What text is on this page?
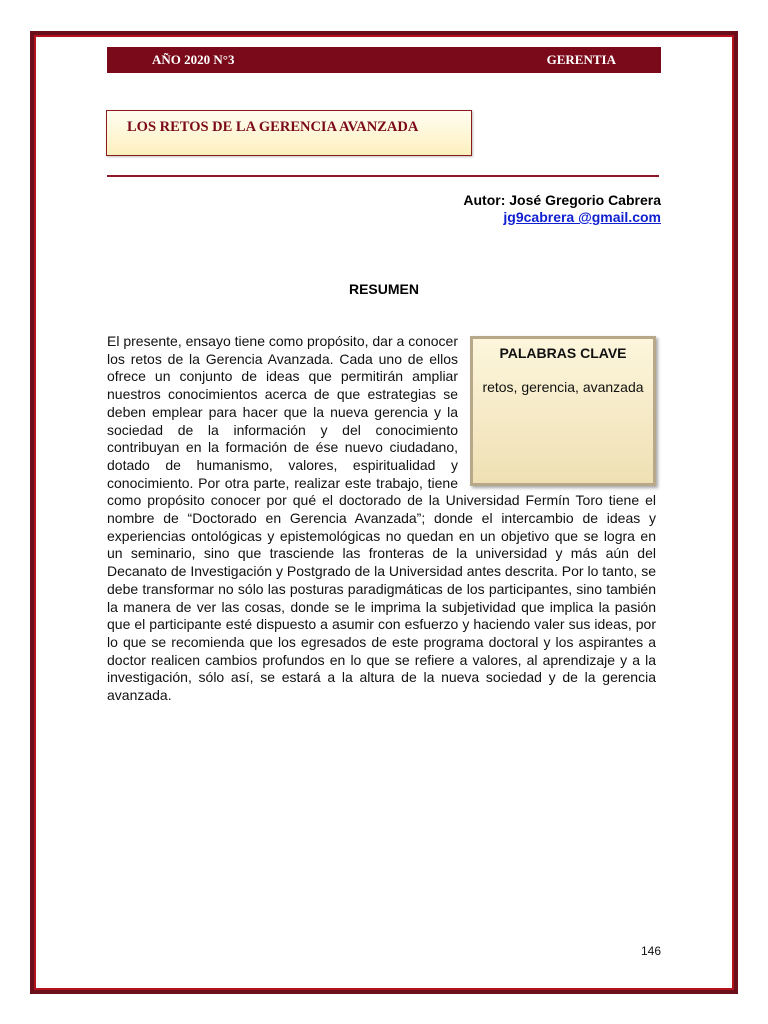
AÑO 2020 N°3	GERENTIA
LOS RETOS DE LA GERENCIA AVANZADA
Autor: José Gregorio Cabrera
jg9cabrera @gmail.com
RESUMEN
PALABRAS CLAVE
retos, gerencia, avanzada
El presente, ensayo tiene como propósito, dar a conocer los retos de la Gerencia Avanzada. Cada uno de ellos ofrece un conjunto de ideas que permitirán ampliar nuestros conocimientos acerca de que estrategias se deben emplear para hacer que la nueva gerencia y la sociedad de la información y del conocimiento contribuyan en la formación de ése nuevo ciudadano, dotado de humanismo, valores, espiritualidad y conocimiento. Por otra parte, realizar este trabajo, tiene como propósito conocer por qué el doctorado de la Universidad Fermín Toro tiene el nombre de “Doctorado en Gerencia Avanzada”; donde el intercambio de ideas y experiencias ontológicas y epistemológicas no quedan en un objetivo que se logra en un seminario, sino que trasciende las fronteras de la universidad y más aún del Decanato de Investigación y Postgrado de la Universidad antes descrita. Por lo tanto, se debe transformar no sólo las posturas paradigmáticas de los participantes, sino también la manera de ver las cosas, donde se le imprima la subjetividad que implica la pasión que el participante esté dispuesto a asumir con esfuerzo y haciendo valer sus ideas, por lo que se recomienda que los egresados de este programa doctoral y los aspirantes a doctor realicen cambios profundos en lo que se refiere a valores, al aprendizaje y a la investigación, sólo así, se estará a la altura de la nueva sociedad y de la gerencia avanzada.
146
